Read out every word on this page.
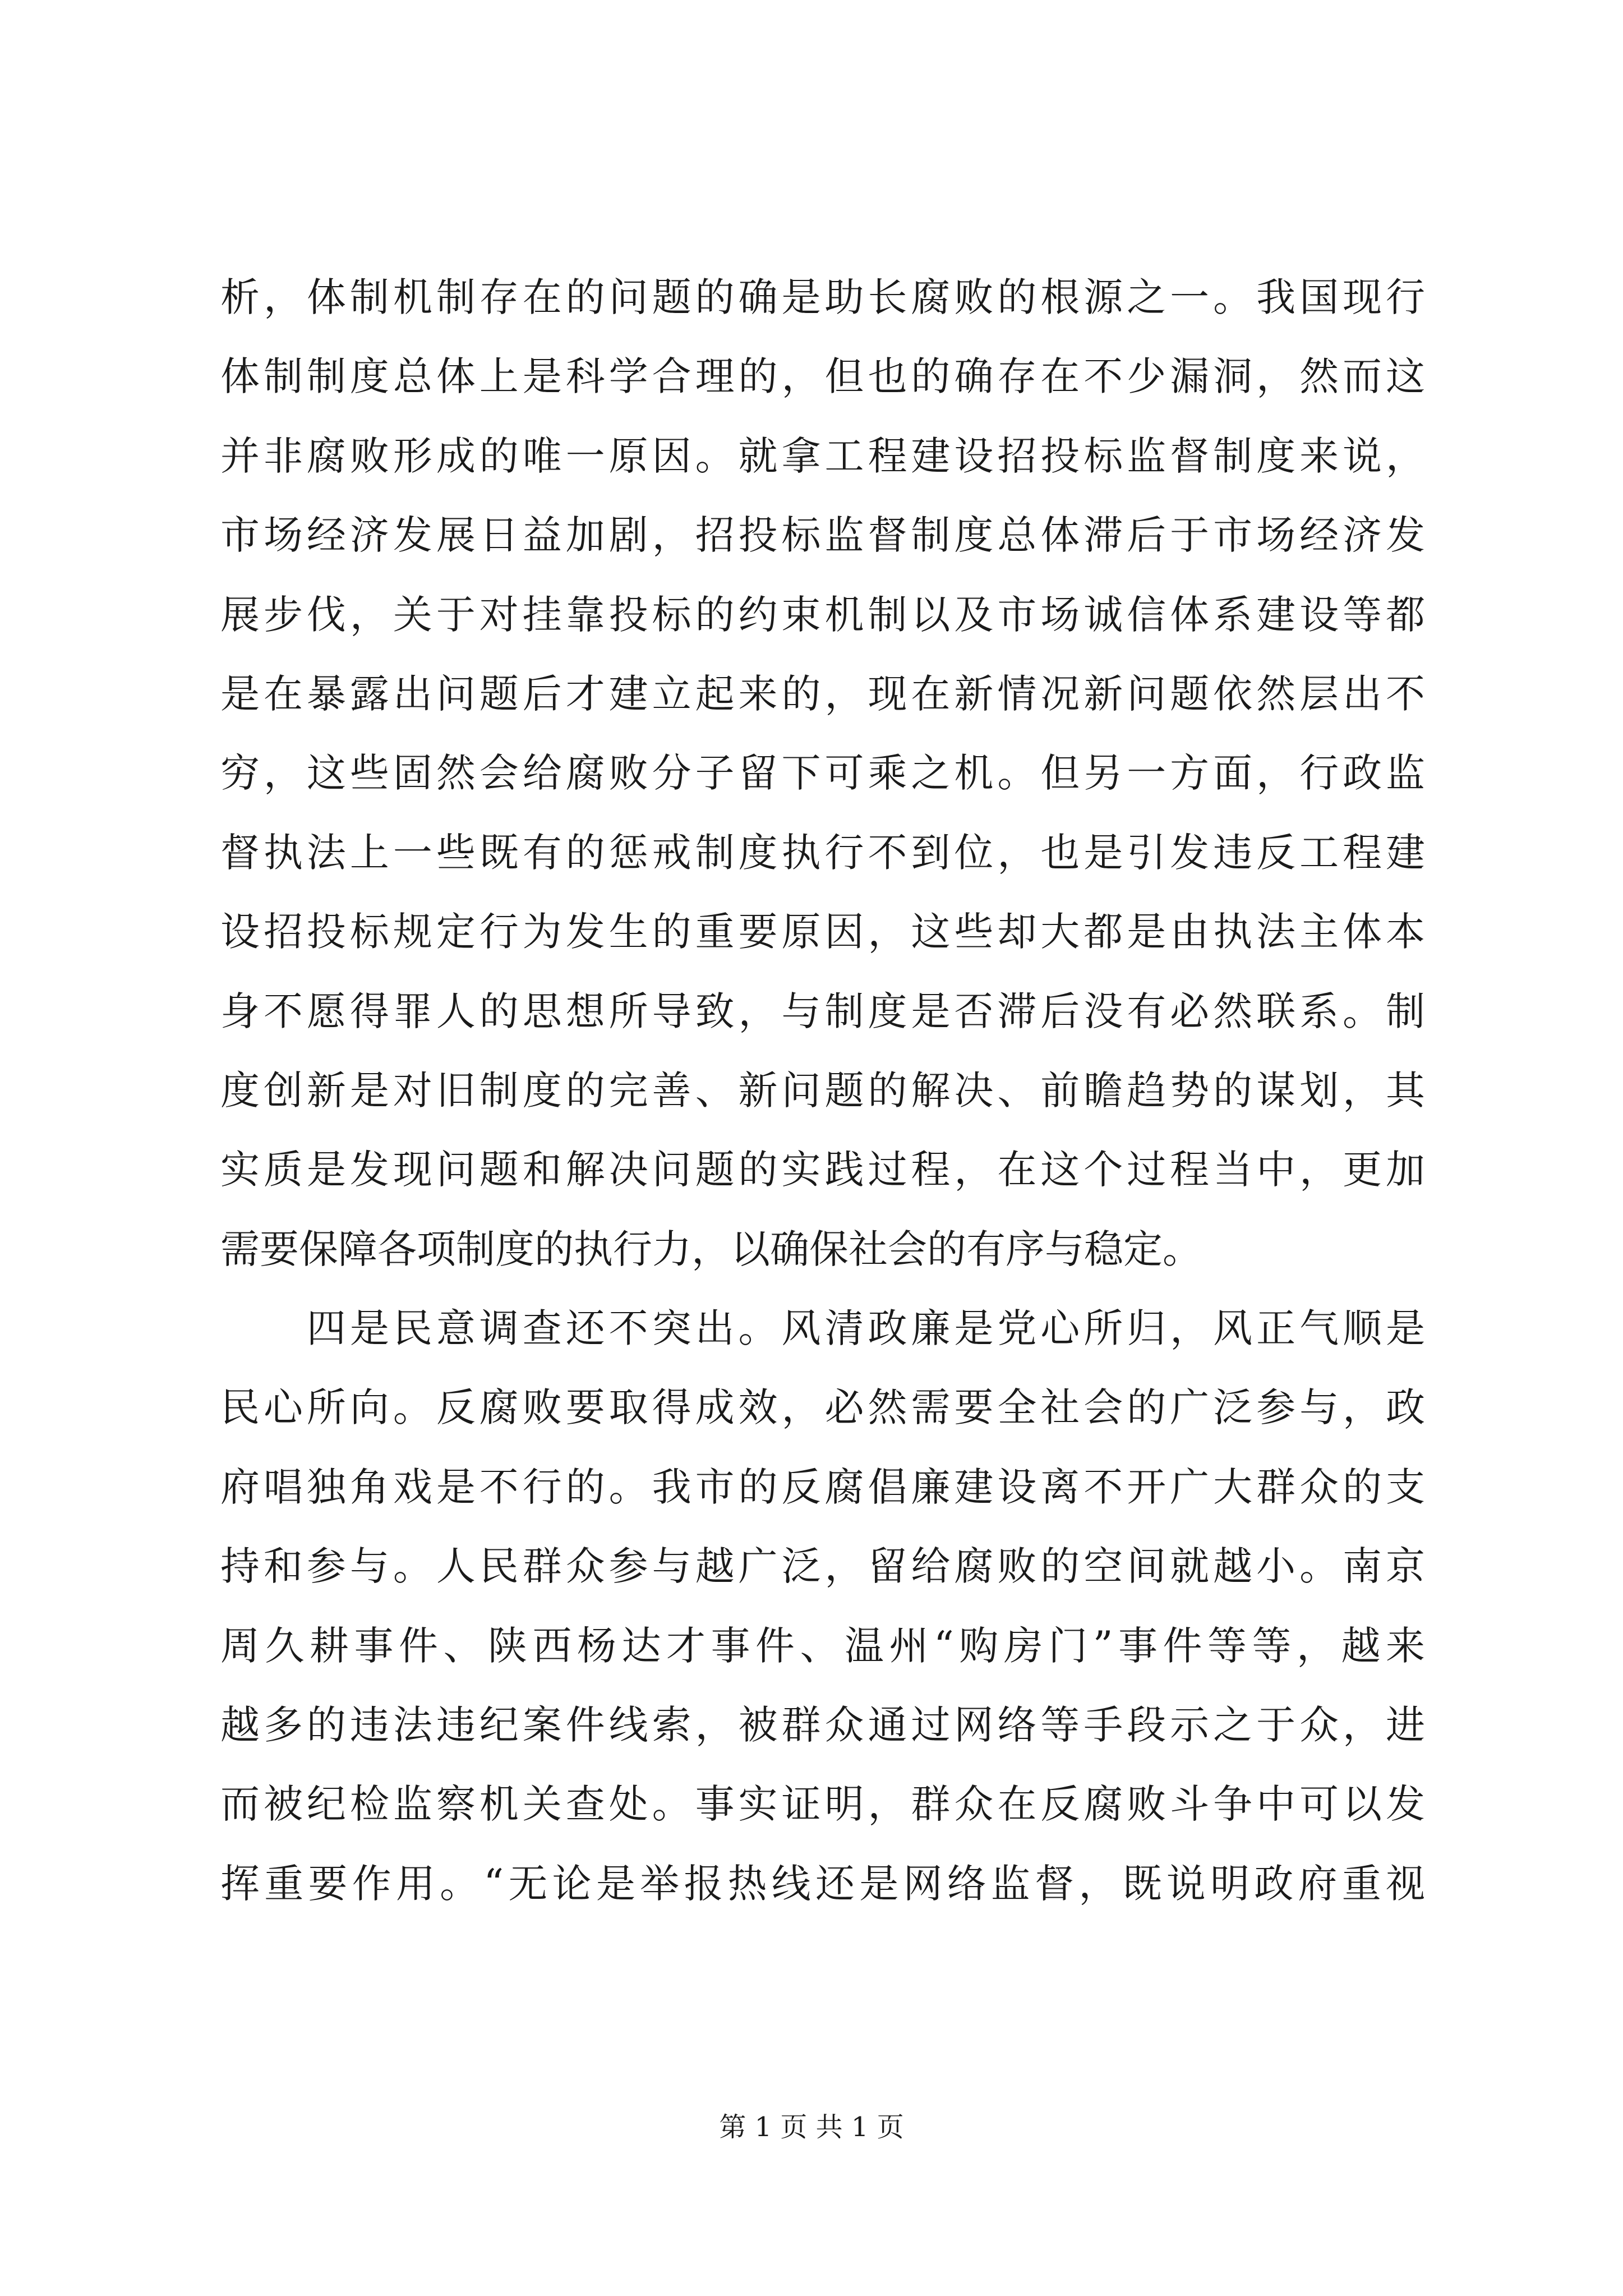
析，体制机制存在的问题的确是助长腐败的根源之一。我国现行
体制制度总体上是科学合理的，但也的确存在不少漏洞，然而这
并非腐败形成的唯一原因。就拿工程建设招投标监督制度来说，
市场经济发展日益加剧，招投标监督制度总体滞后于市场经济发
展步伐，关于对挂靠投标的约束机制以及市场诚信体系建设等都
是在暴露出问题后才建立起来的，现在新情况新问题依然层出不
穷，这些固然会给腐败分子留下可乘之机。但另一方面，行政监
督执法上一些既有的惩戒制度执行不到位，也是引发违反工程建
设招投标规定行为发生的重要原因，这些却大都是由执法主体本
身不愿得罪人的思想所导致，与制度是否滞后没有必然联系。制
度创新是对旧制度的完善、新问题的解决、前瞻趋势的谋划，其
实质是发现问题和解决问题的实践过程，在这个过程当中，更加
需要保障各项制度的执行力，以确保社会的有序与稳定。
　　四是民意调查还不突出。风清政廉是党心所归，风正气顺是
民心所向。反腐败要取得成效，必然需要全社会的广泛参与，政
府唱独角戏是不行的。我市的反腐倡廉建设离不开广大群众的支
持和参与。人民群众参与越广泛，留给腐败的空间就越小。南京
周久耕事件、陕西杨达才事件、温州“购房门”事件等等，越来
越多的违法违纪案件线索，被群众通过网络等手段示之于众，进
而被纪检监察机关查处。事实证明，群众在反腐败斗争中可以发
挥重要作用。“无论是举报热线还是网络监督，既说明政府重视
第 1 页 共 1 页
